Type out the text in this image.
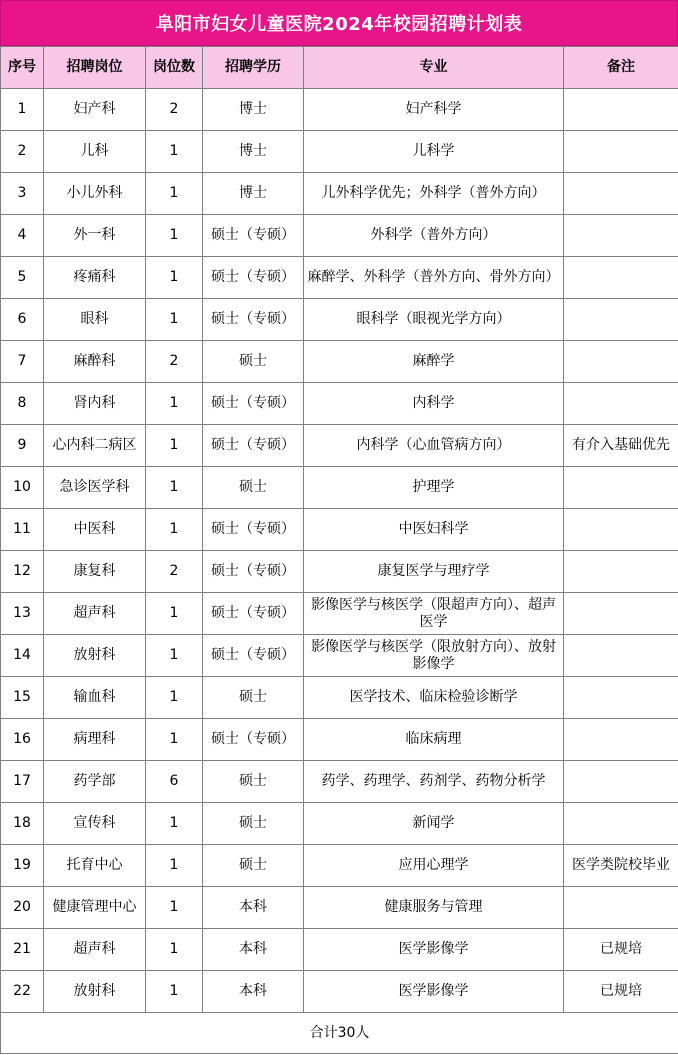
阜阳市妇女儿童医院2024年校园招聘计划表
序号	招聘岗位	岗位数	招聘学历	专业	备注
1	妇产科	2	博士	妇产科学	
2	儿科	1	博士	儿科学	
3	小儿外科	1	博士	儿外科学优先；外科学（普外方向）	
4	外一科	1	硕士（专硕）	外科学（普外方向）	
5	疼痛科	1	硕士（专硕）	麻醉学、外科学（普外方向、骨外方向）	
6	眼科	1	硕士（专硕）	眼科学（眼视光学方向）	
7	麻醉科	2	硕士	麻醉学	
8	肾内科	1	硕士（专硕）	内科学	
9	心内科二病区	1	硕士（专硕）	内科学（心血管病方向）	有介入基础优先
10	急诊医学科	1	硕士	护理学	
11	中医科	1	硕士（专硕）	中医妇科学	
12	康复科	2	硕士（专硕）	康复医学与理疗学	
13	超声科	1	硕士（专硕）	影像医学与核医学（限超声方向）、超声医学	
14	放射科	1	硕士（专硕）	影像医学与核医学（限放射方向）、放射影像学	
15	输血科	1	硕士	医学技术、临床检验诊断学	
16	病理科	1	硕士（专硕）	临床病理	
17	药学部	6	硕士	药学、药理学、药剂学、药物分析学	
18	宣传科	1	硕士	新闻学	
19	托育中心	1	硕士	应用心理学	医学类院校毕业
20	健康管理中心	1	本科	健康服务与管理	
21	超声科	1	本科	医学影像学	已规培
22	放射科	1	本科	医学影像学	已规培
合计30人					
